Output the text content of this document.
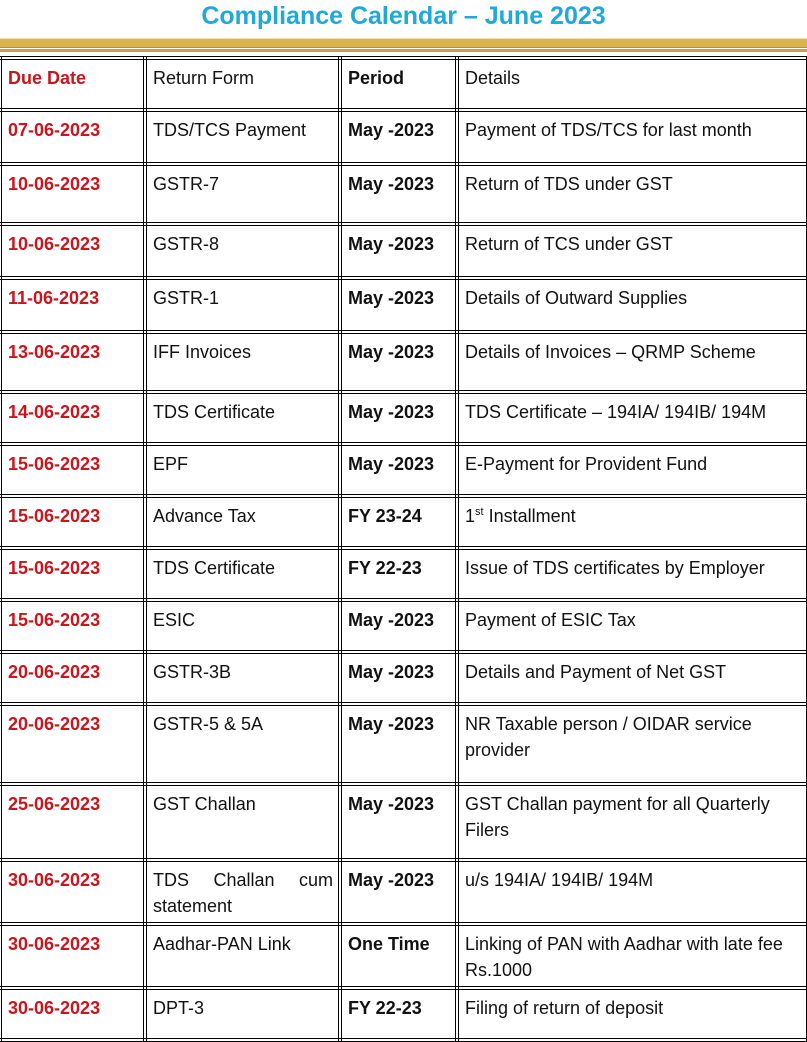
Compliance Calendar – June 2023
Due Date	Return Form	Period	Details
07-06-2023	TDS/TCS Payment	May -2023	Payment of TDS/TCS for last month
10-06-2023	GSTR-7	May -2023	Return of TDS under GST
10-06-2023	GSTR-8	May -2023	Return of TCS under GST
11-06-2023	GSTR-1	May -2023	Details of Outward Supplies
13-06-2023	IFF Invoices	May -2023	Details of Invoices – QRMP Scheme
14-06-2023	TDS Certificate	May -2023	TDS Certificate – 194IA/ 194IB/ 194M
15-06-2023	EPF	May -2023	E-Payment for Provident Fund
15-06-2023	Advance Tax	FY 23-24	1st Installment
15-06-2023	TDS Certificate	FY 22-23	Issue of TDS certificates by Employer
15-06-2023	ESIC	May -2023	Payment of ESIC Tax
20-06-2023	GSTR-3B	May -2023	Details and Payment of Net GST
20-06-2023	GSTR-5 & 5A	May -2023	NR Taxable person / OIDAR service provider
25-06-2023	GST Challan	May -2023	GST Challan payment for all Quarterly Filers
30-06-2023	TDS Challan cum statement	May -2023	u/s 194IA/ 194IB/ 194M
30-06-2023	Aadhar-PAN Link	One Time	Linking of PAN with Aadhar with late fee Rs.1000
30-06-2023	DPT-3	FY 22-23	Filing of return of deposit
